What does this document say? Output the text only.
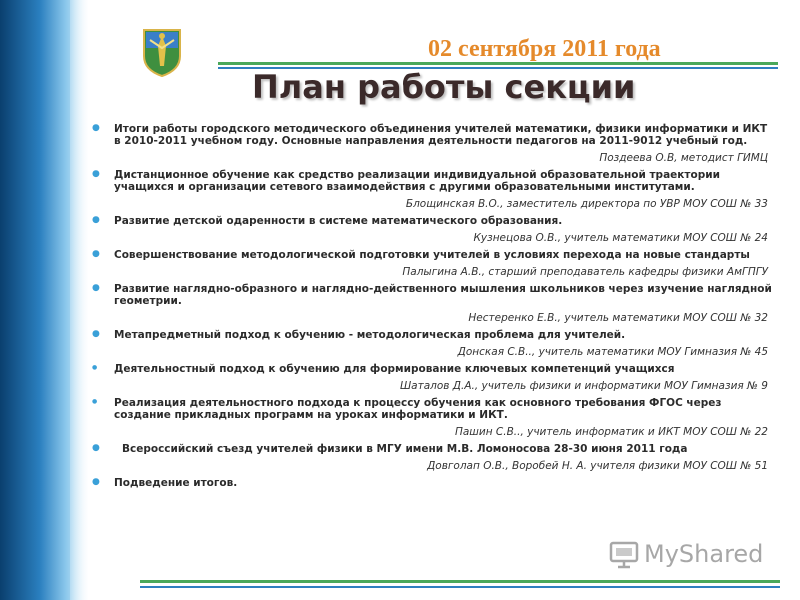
02 сентября 2011 года
План работы секции
● Итоги работы городского методического объединения учителей математики, физики информатики и ИКТ в 2010-2011 учебном году. Основные направления деятельности педагогов на 2011-9012 учебный год.
Поздеева О.В, методист ГИМЦ
● Дистанционное обучение как средство реализации индивидуальной образовательной траектории учащихся и организации сетевого взаимодействия с другими образовательными институтами.
Блощинская В.О., заместитель директора по УВР МОУ СОШ № 33
● Развитие детской одаренности в системе математического образования.
Кузнецова О.В., учитель математики МОУ СОШ № 24
● Совершенствование методологической подготовки учителей в условиях перехода на новые стандарты
Палыгина А.В., старший преподаватель кафедры физики АмГПГУ
● Развитие наглядно-образного и наглядно-действенного мышления школьников через изучение наглядной геометрии.
Нестеренко Е.В., учитель математики МОУ СОШ № 32
● Метапредметный подход к обучению - методологическая проблема для учителей.
Донская С.В.., учитель математики МОУ Гимназия № 45
● Деятельностный подход к обучению для формирование ключевых компетенций учащихся
Шаталов Д.А., учитель физики и информатики МОУ Гимназия № 9
● Реализация деятельностного подхода к процессу обучения как основного требования ФГОС через создание прикладных программ на уроках информатики и ИКТ.
Пашин С.В.., учитель информатик и ИКТ МОУ СОШ № 22
● Всероссийский съезд учителей физики в МГУ имени М.В. Ломоносова 28-30 июня 2011 года
Довголап О.В., Воробей Н. А. учителя физики МОУ СОШ № 51
● Подведение итогов.
MyShared
